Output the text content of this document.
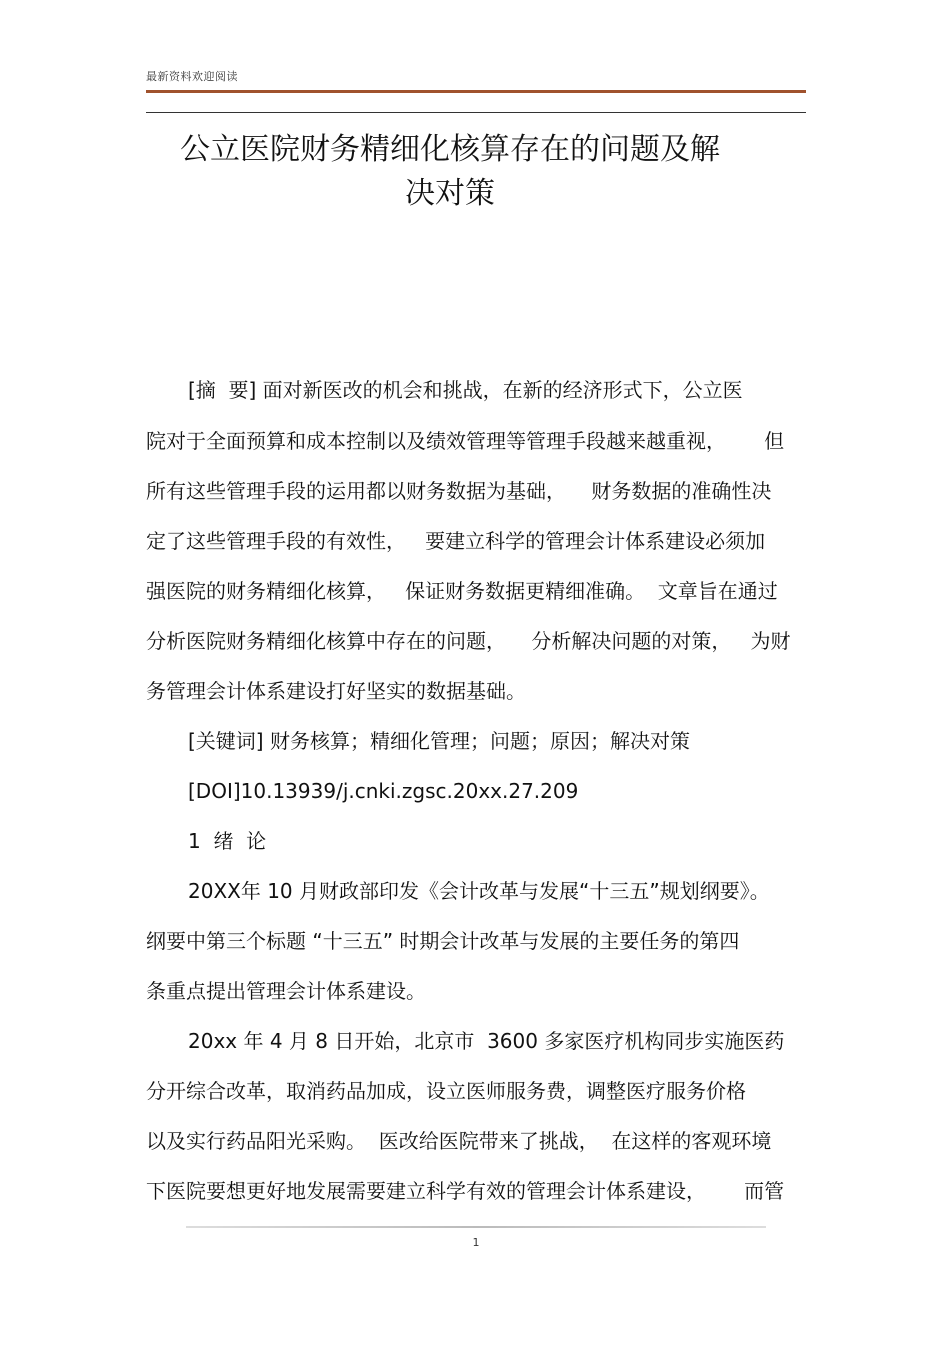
最新资料欢迎阅读
公立医院财务精细化核算存在的问题及解
决对策
[摘  要] 面对新医改的机会和挑战，在新的经济形式下，公立医
院对于全面预算和成本控制以及绩效管理等管理手段越来越重视，      但
所有这些管理手段的运用都以财务数据为基础，    财务数据的准确性决
定了这些管理手段的有效性，   要建立科学的管理会计体系建设必须加
强医院的财务精细化核算，   保证财务数据更精细准确。  文章旨在通过
分析医院财务精细化核算中存在的问题，    分析解决问题的对策，   为财
务管理会计体系建设打好坚实的数据基础。
[关键词] 财务核算；精细化管理；问题；原因；解决对策
[DOI]10.13939/j.cnki.zgsc.20xx.27.209
1  绪  论
20XX年 10 月财政部印发《会计改革与发展“十三五”规划纲要》。
纲要中第三个标题 “十三五” 时期会计改革与发展的主要任务的第四
条重点提出管理会计体系建设。
20xx 年 4 月 8 日开始，北京市  3600 多家医疗机构同步实施医药
分开综合改革，取消药品加成，设立医师服务费，调整医疗服务价格
以及实行药品阳光采购。  医改给医院带来了挑战，  在这样的客观环境
下医院要想更好地发展需要建立科学有效的管理会计体系建设，      而管
1
